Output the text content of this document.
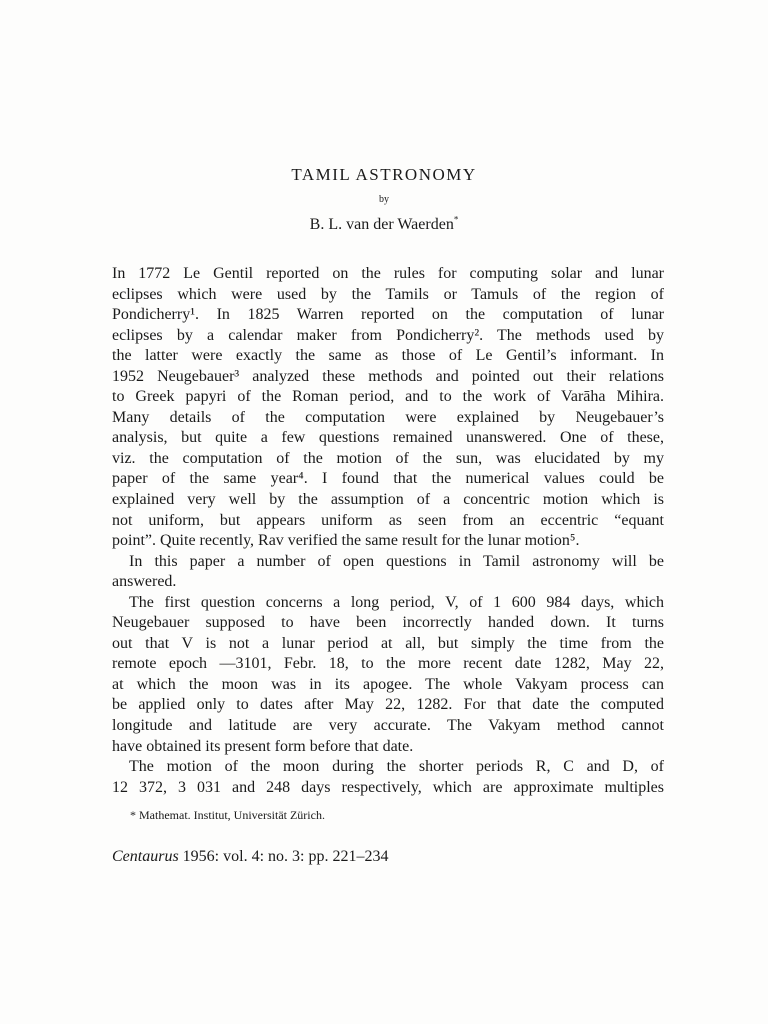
TAMIL ASTRONOMY
by
B. L. van der Waerden*
In 1772 Le Gentil reported on the rules for computing solar and lunar
eclipses which were used by the Tamils or Tamuls of the region of
Pondicherry¹. In 1825 Warren reported on the computation of lunar
eclipses by a calendar maker from Pondicherry². The methods used by
the latter were exactly the same as those of Le Gentil’s informant. In
1952 Neugebauer³ analyzed these methods and pointed out their relations
to Greek papyri of the Roman period, and to the work of Varāha Mihira.
Many details of the computation were explained by Neugebauer’s
analysis, but quite a few questions remained unanswered. One of these,
viz. the computation of the motion of the sun, was elucidated by my
paper of the same year⁴. I found that the numerical values could be
explained very well by the assumption of a concentric motion which is
not uniform, but appears uniform as seen from an eccentric “equant
point”. Quite recently, Rav verified the same result for the lunar motion⁵.
In this paper a number of open questions in Tamil astronomy will be
answered.
The first question concerns a long period, V, of 1 600 984 days, which
Neugebauer supposed to have been incorrectly handed down. It turns
out that V is not a lunar period at all, but simply the time from the
remote epoch —3101, Febr. 18, to the more recent date 1282, May 22,
at which the moon was in its apogee. The whole Vakyam process can
be applied only to dates after May 22, 1282. For that date the computed
longitude and latitude are very accurate. The Vakyam method cannot
have obtained its present form before that date.
The motion of the moon during the shorter periods R, C and D, of
12 372, 3 031 and 248 days respectively, which are approximate multiples
* Mathemat. Institut, Universität Zürich.
Centaurus 1956: vol. 4: no. 3: pp. 221–234
